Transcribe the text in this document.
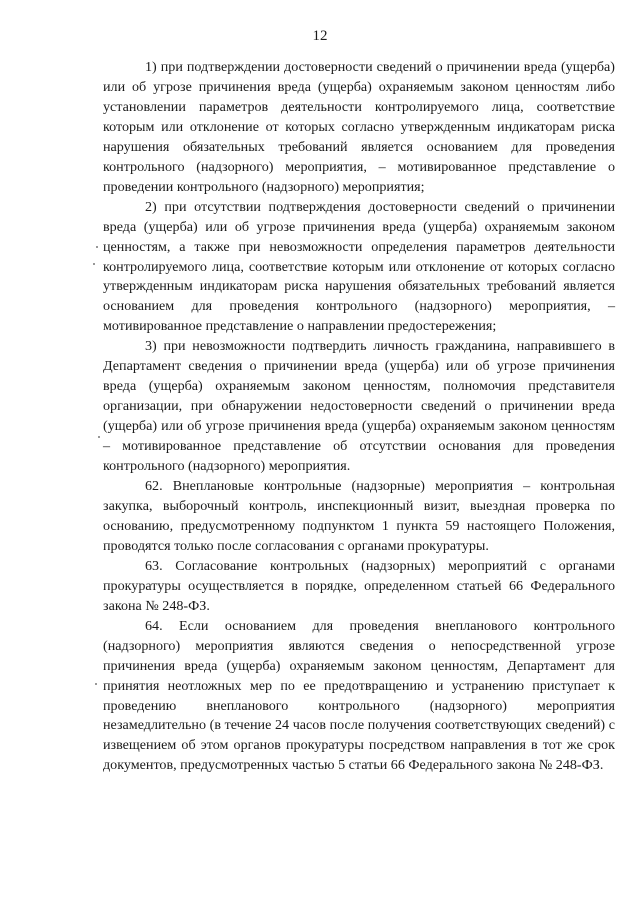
12

1) при подтверждении достоверности сведений о причинении вреда (ущерба) или об угрозе причинения вреда (ущерба) охраняемым законом ценностям либо установлении параметров деятельности контролируемого лица, соответствие которым или отклонение от которых согласно утвержденным индикаторам риска нарушения обязательных требований является основанием для проведения контрольного (надзорного) мероприятия, – мотивированное представление о проведении контрольного (надзорного) мероприятия;

2) при отсутствии подтверждения достоверности сведений о причинении вреда (ущерба) или об угрозе причинения вреда (ущерба) охраняемым законом ценностям, а также при невозможности определения параметров деятельности контролируемого лица, соответствие которым или отклонение от которых согласно утвержденным индикаторам риска нарушения обязательных требований является основанием для проведения контрольного (надзорного) мероприятия, – мотивированное представление о направлении предостережения;

3) при невозможности подтвердить личность гражданина, направившего в Департамент сведения о причинении вреда (ущерба) или об угрозе причинения вреда (ущерба) охраняемым законом ценностям, полномочия представителя организации, при обнаружении недостоверности сведений о причинении вреда (ущерба) или об угрозе причинения вреда (ущерба) охраняемым законом ценностям – мотивированное представление об отсутствии основания для проведения контрольного (надзорного) мероприятия.

62. Внеплановые контрольные (надзорные) мероприятия – контрольная закупка, выборочный контроль, инспекционный визит, выездная проверка по основанию, предусмотренному подпунктом 1 пункта 59 настоящего Положения, проводятся только после согласования с органами прокуратуры.

63. Согласование контрольных (надзорных) мероприятий с органами прокуратуры осуществляется в порядке, определенном статьей 66 Федерального закона № 248-ФЗ.

64. Если основанием для проведения внепланового контрольного (надзорного) мероприятия являются сведения о непосредственной угрозе причинения вреда (ущерба) охраняемым законом ценностям, Департамент для принятия неотложных мер по ее предотвращению и устранению приступает к проведению внепланового контрольного (надзорного) мероприятия незамедлительно (в течение 24 часов после получения соответствующих сведений) с извещением об этом органов прокуратуры посредством направления в тот же срок документов, предусмотренных частью 5 статьи 66 Федерального закона № 248-ФЗ.
